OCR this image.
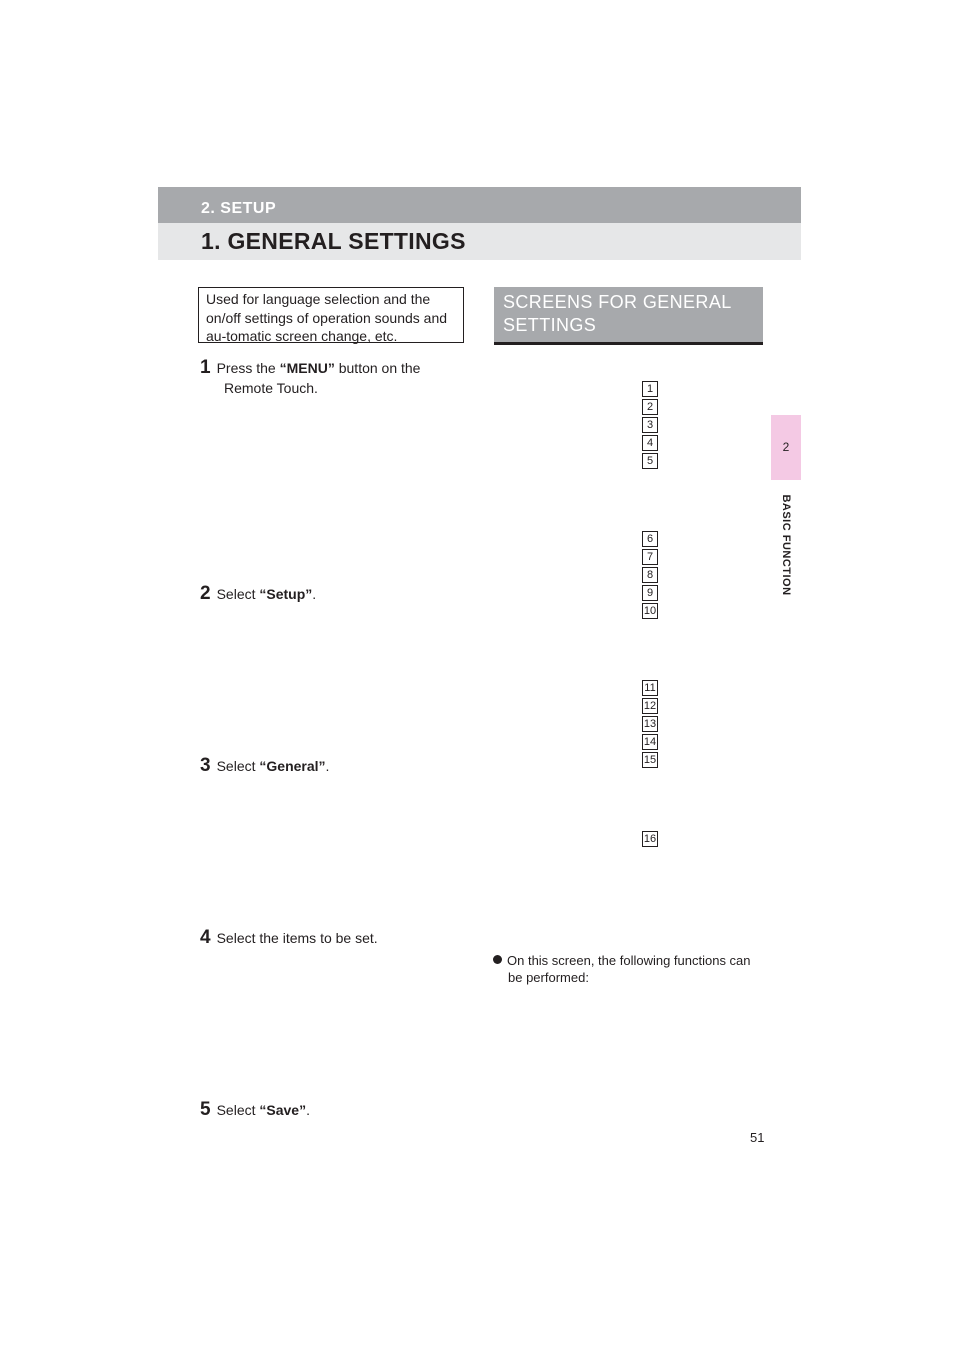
2. SETUP
1. GENERAL SETTINGS
2
BASIC FUNCTION
Used for language selection and the on/off settings of operation sounds and au-tomatic screen change, etc.
1 Press the “MENU” button on the
Remote Touch.
2 Select “Setup”.
3 Select “General”.
4 Select the items to be set.
5 Select “Save”.
SCREENS FOR GENERAL SETTINGS
1
2
3
4
5
6
7
8
9
10
11
12
13
14
15
16
On this screen, the following functions can
be performed:
51
